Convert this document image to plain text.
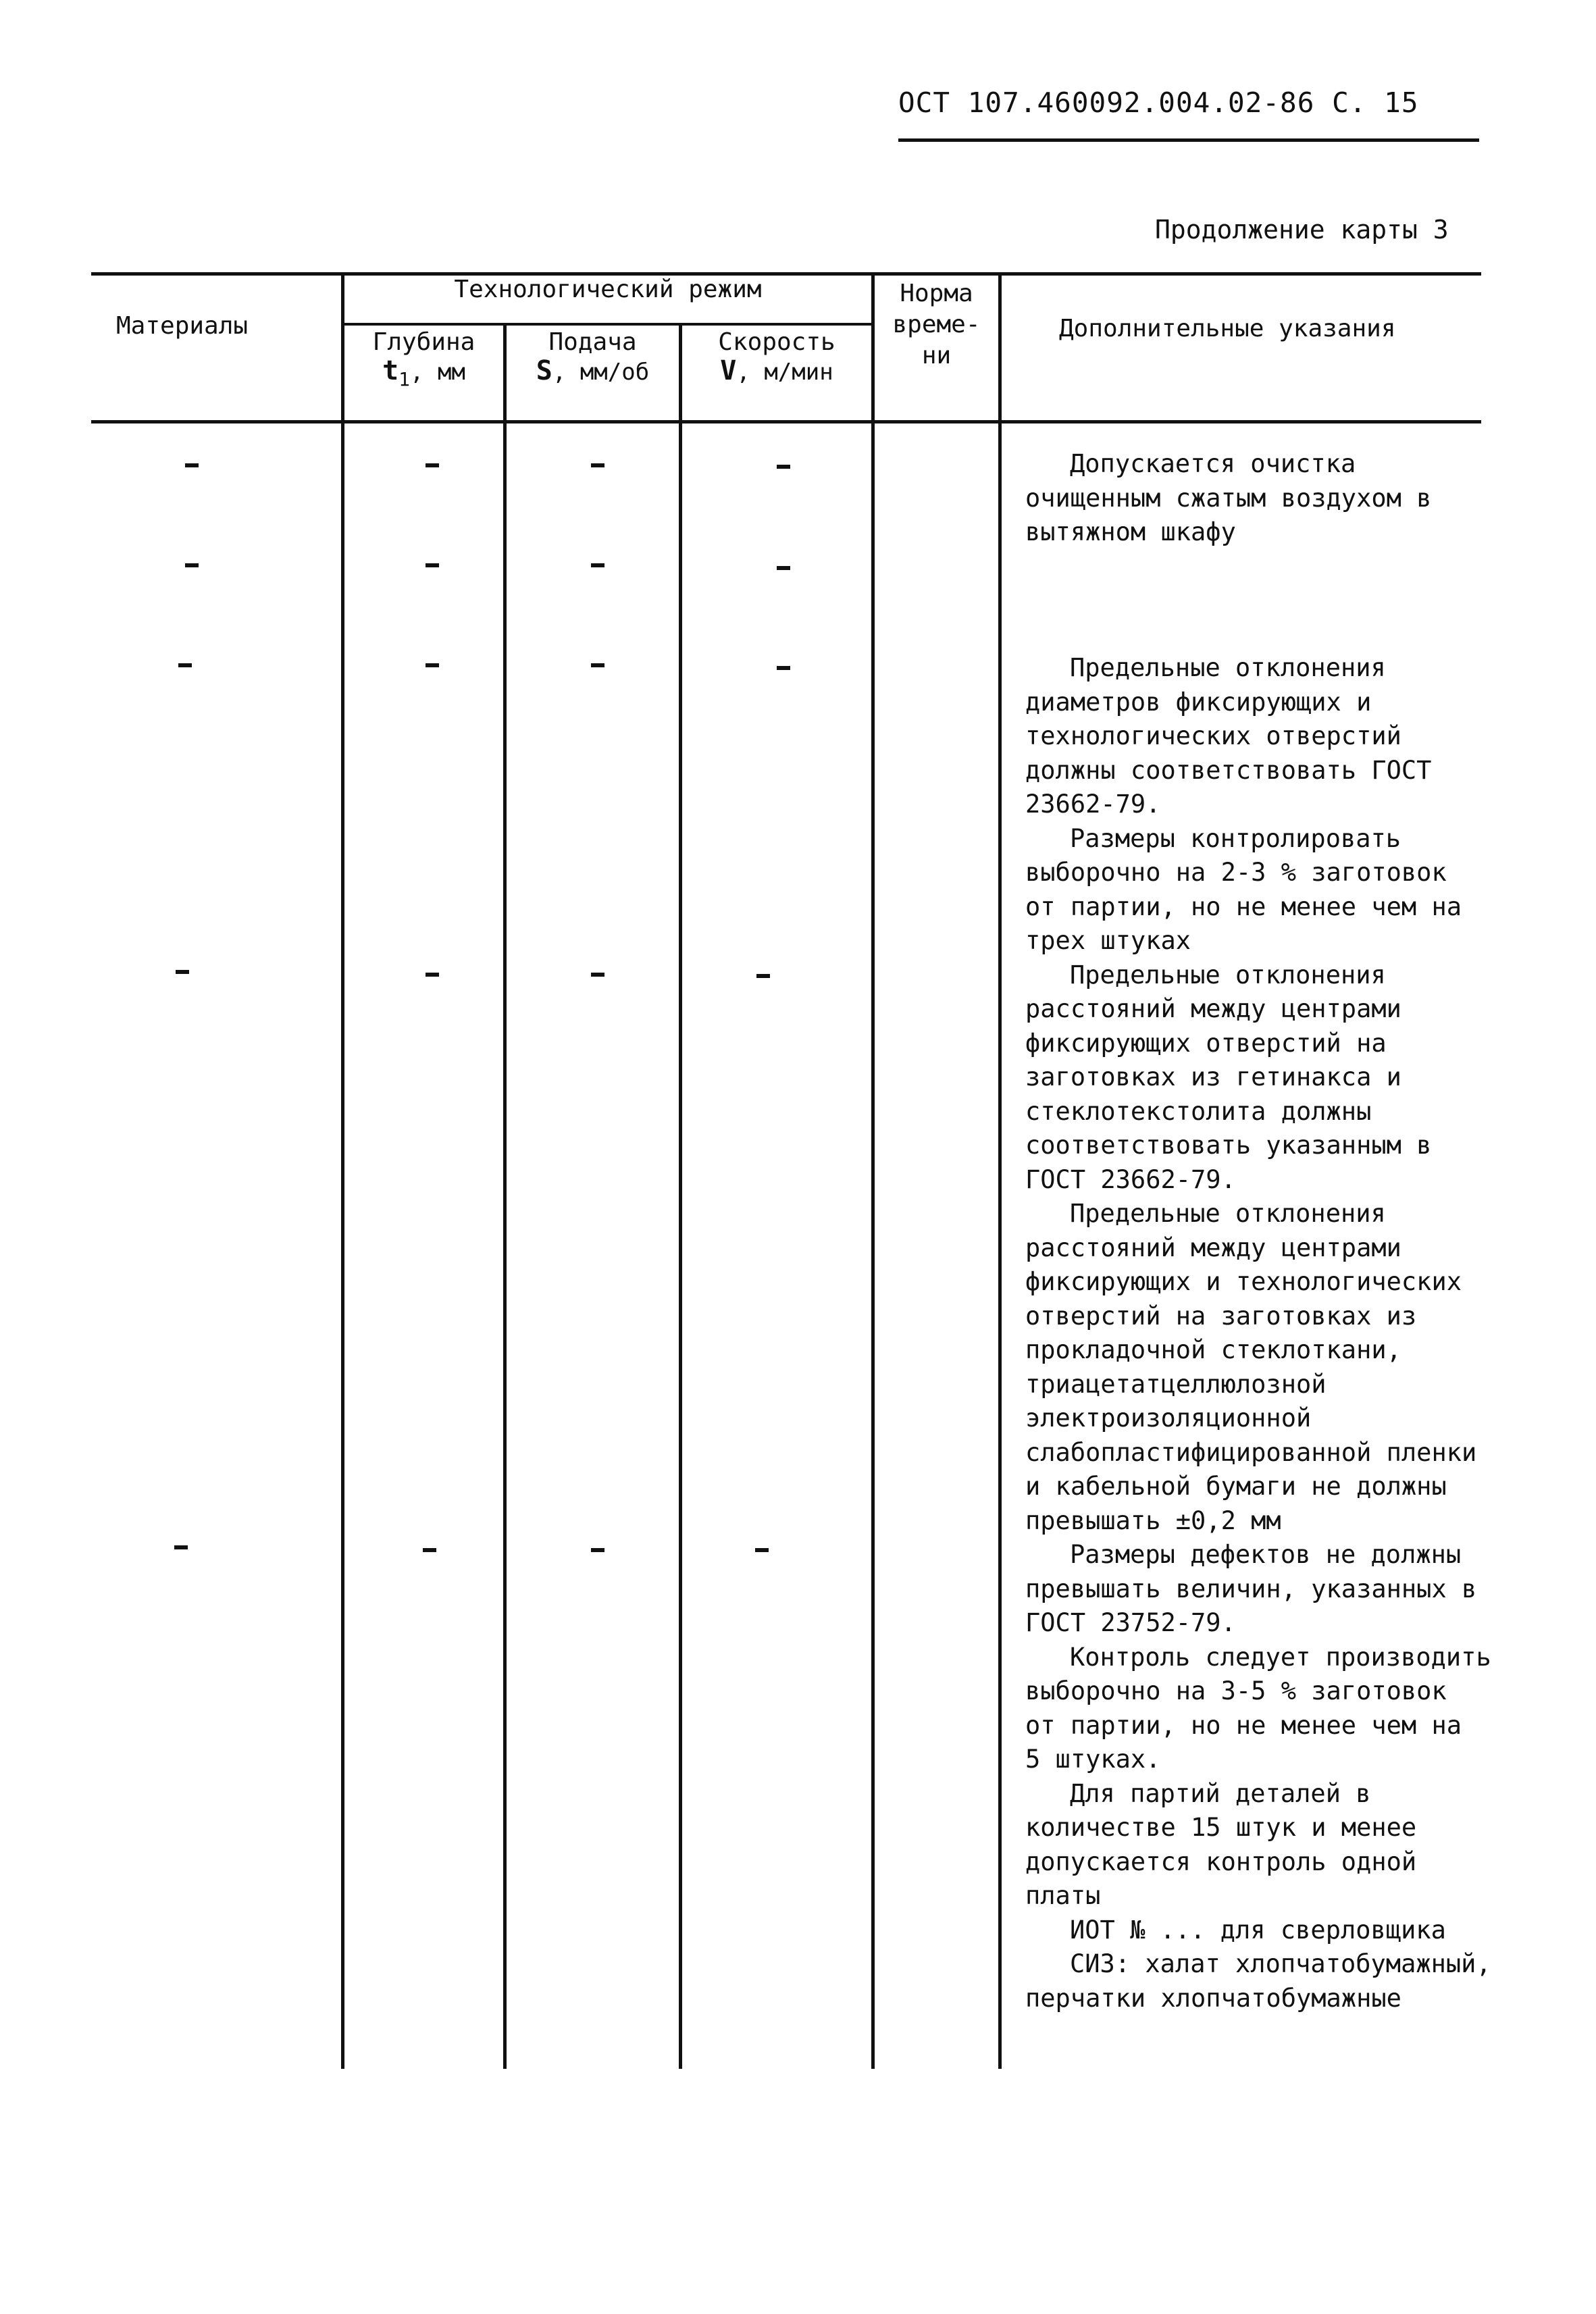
ОСТ 107.460092.004.02-86 С. 15
Продолжение карты 3
Материалы
Технологический режим
Глубина
$t_1$, мм
Подача
S, мм/об
Скорость
V, м/мин
Норма
време-
ни
Дополнительные указания

Допускается очистка очищенным сжатым воздухом в вытяжном шкафу

Предельные отклонения диаметров фиксирующих и технологических отверстий должны соответствовать ГОСТ 23662-79.

Размеры контролировать выборочно на 2-3 % заготовок от партии, но не менее чем на трех штуках

Предельные отклонения расстояний между центрами фиксирующих отверстий на заготовках из гетинакса и стеклотекстолита должны соответствовать указанным в ГОСТ 23662-79.

Предельные отклонения расстояний между центрами фиксирующих и технологических отверстий на заготовках из прокладочной стеклоткани, триацетатцеллюлозной электроизоляционной слабопластифицированной пленки и кабельной бумаги не должны превышать ±0,2 мм

Размеры дефектов не должны превышать величин, указанных в ГОСТ 23752-79.

Контроль следует производить выборочно на 3-5 % заготовок от партии, но не менее чем на 5 штуках.

Для партий деталей в количестве 15 штук и менее допускается контроль одной платы

ИОТ № ... для сверловщика

СИЗ: халат хлопчатобумажный, перчатки хлопчатобумажные
